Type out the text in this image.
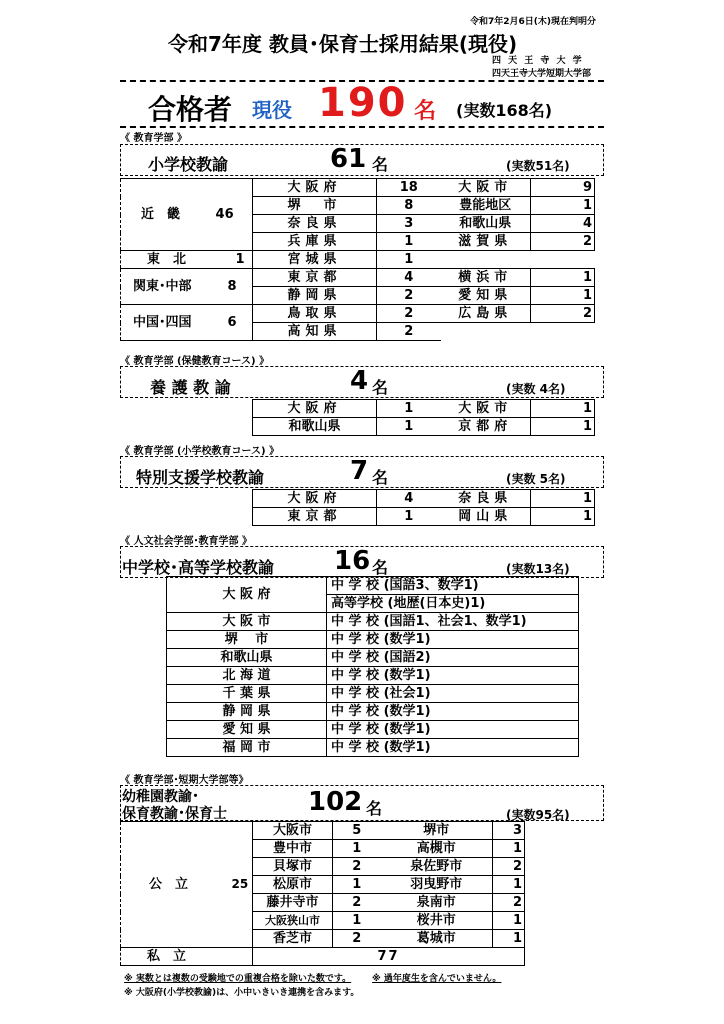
令和7年2月6日(木)現在判明分
令和7年度 教員･保育士採用結果(現役)
四 天 王 寺 大 学
四天王寺大学短期大学部
合格者 現役 190 名 (実数168名)
《 教育学部 》
小学校教諭	61 名	(実数51名)
近　畿 46	大阪府	18	大阪市	9
	堺　市	8	豊能地区	1
	奈良県	3	和歌山県	4
	兵庫県	1	滋賀県	2
東　北 1	宮城県	1		
関東･中部 8	東京都	4	横浜市	1
	静岡県	2	愛知県	1
中国･四国 6	鳥取県	2	広島県	2
	高知県	2		
《 教育学部 (保健教育コース) 》
養 護 教 諭	4 名	(実数 4名)
大阪府	1	大阪市	1
和歌山県	1	京都府	1
《 教育学部 (小学校教育コース) 》
特別支援学校教諭	7 名	(実数 5名)
大阪府	4	奈良県	1
東京都	1	岡山県	1
《 人文社会学部･教育学部 》
中学校･高等学校教諭 16 名	(実数13名)
大 阪 府	中 学 校 (国語3、数学1)
	高等学校 (地歴(日本史)1)
大 阪 市	中 学 校 (国語1、社会1、数学1)
堺　 市	中 学 校 (数学1)
和歌山県	中 学 校 (国語2)
北 海 道	中 学 校 (数学1)
千 葉 県	中 学 校 (社会1)
静 岡 県	中 学 校 (数学1)
愛 知 県	中 学 校 (数学1)
福 岡 市	中 学 校 (数学1)
《 教育学部･短期大学部等》
幼稚園教諭･
保育教諭･保育士	102 名	(実数95名)
公　立 25	大阪市	5	堺市	3
	豊中市	1	高槻市	1
	貝塚市	2	泉佐野市	2
	松原市	1	羽曳野市	1
	藤井寺市	2	泉南市	2
	大阪狭山市	1	桜井市	1
	香芝市	2	葛城市	1
私　立	77			
※ 実数とは複数の受験地での重複合格を除いた数です。 ※ 過年度生を含んでいません。
※ 大阪府(小学校教諭)は、小中いきいき連携を含みます。
